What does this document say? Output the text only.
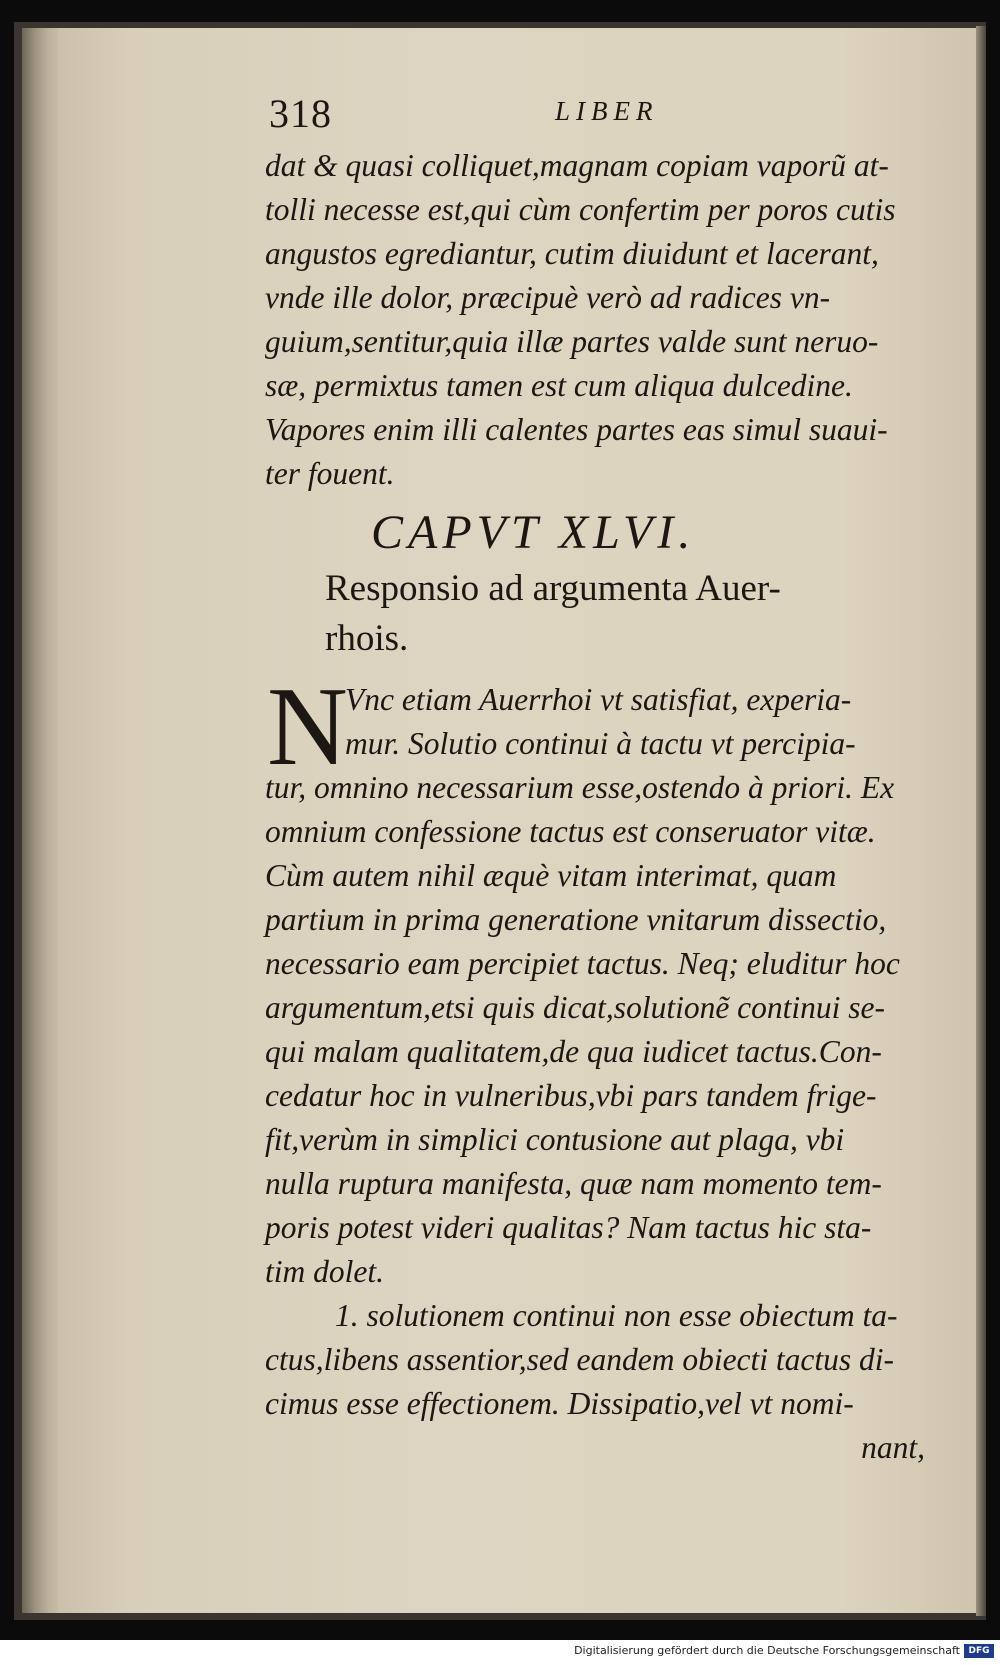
318	LIBER
dat & quasi colliquet,magnam copiam vaporũ at-
tolli necesse est,qui cùm confertim per poros cutis
angustos egrediantur, cutim diuidunt et lacerant,
vnde ille dolor, præcipuè verò ad radices vn-
guium,sentitur,quia illæ partes valde sunt neruo-
sæ, permixtus tamen est cum aliqua dulcedine.
Vapores enim illi calentes partes eas simul suaui-
ter fouent.
CAPVT XLVI.
Responsio ad argumenta Auer-
rhois.
N
Vnc etiam Auerrhoi vt satisfiat, experia-
mur. Solutio continui à tactu vt percipia-
tur, omnino necessarium esse,ostendo à priori. Ex
omnium confessione tactus est conseruator vitæ.
Cùm autem nihil æquè vitam interimat, quam
partium in prima generatione vnitarum dissectio,
necessario eam percipiet tactus. Neq; eluditur hoc
argumentum,etsi quis dicat,solutionẽ continui se-
qui malam qualitatem,de qua iudicet tactus.Con-
cedatur hoc in vulneribus,vbi pars tandem frige-
fit,verùm in simplici contusione aut plaga, vbi
nulla ruptura manifesta, quæ nam momento tem-
poris potest videri qualitas? Nam tactus hic sta-
tim dolet.
1. solutionem continui non esse obiectum ta-
ctus,libens assentior,sed eandem obiecti tactus di-
cimus esse effectionem. Dissipatio,vel vt nomi-
nant,
Digitalisierung gefördert durch die Deutsche Forschungsgemeinschaft DFG
